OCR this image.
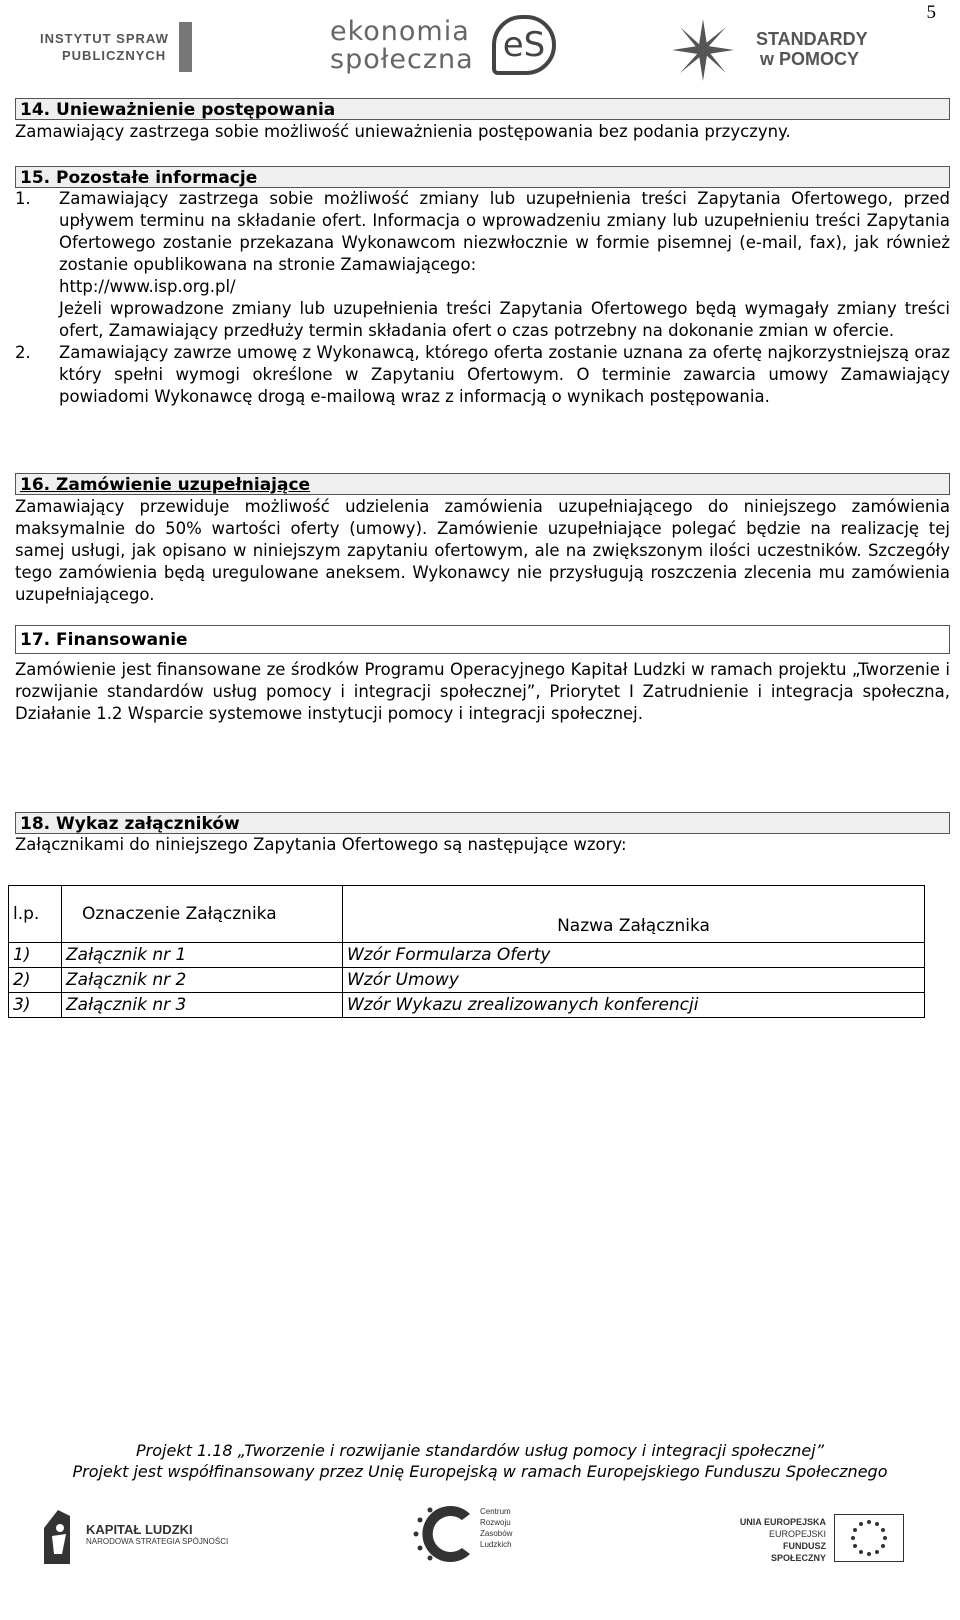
5
INSTYTUT SPRAW
PUBLICZNYCH
ekonomia
społeczna eS	STANDARDY
w POMOCY
14. Unieważnienie postępowania

Zamawiający zastrzega sobie możliwość unieważnienia postępowania bez podania przyczyny.

15. Pozostałe informacje
1. Zamawiający zastrzega sobie możliwość zmiany lub uzupełnienia treści Zapytania Ofertowego, przed upływem terminu na składanie ofert. Informacja o wprowadzeniu zmiany lub uzupełnieniu treści Zapytania Ofertowego zostanie przekazana Wykonawcom niezwłocznie w formie pisemnej (e-mail, fax), jak również zostanie opublikowana na stronie Zamawiającego:

http://www.isp.org.pl/

Jeżeli wprowadzone zmiany lub uzupełnienia treści Zapytania Ofertowego będą wymagały zmiany treści ofert, Zamawiający przedłuży termin składania ofert o czas potrzebny na dokonanie zmian w ofercie.

2. Zamawiający zawrze umowę z Wykonawcą, którego oferta zostanie uznana za ofertę najkorzystniejszą oraz który spełni wymogi określone w Zapytaniu Ofertowym. O terminie zawarcia umowy Zamawiający powiadomi Wykonawcę drogą e-mailową wraz z informacją o wynikach postępowania.

16. Zamówienie uzupełniające

Zamawiający przewiduje możliwość udzielenia zamówienia uzupełniającego do niniejszego zamówienia maksymalnie do 50% wartości oferty (umowy). Zamówienie uzupełniające polegać będzie na realizację tej samej usługi, jak opisano w niniejszym zapytaniu ofertowym, ale na zwiększonym ilości uczestników. Szczegóły tego zamówienia będą uregulowane aneksem. Wykonawcy nie przysługują roszczenia zlecenia mu zamówienia uzupełniającego.

17. Finansowanie

Zamówienie jest finansowane ze środków Programu Operacyjnego Kapitał Ludzki w ramach projektu „Tworzenie i rozwijanie standardów usług pomocy i integracji społecznej”, Priorytet I Zatrudnienie i integracja społeczna, Działanie 1.2 Wsparcie systemowe instytucji pomocy i integracji społecznej.

18. Wykaz załączników

Załącznikami do niniejszego Zapytania Ofertowego są następujące wzory:

l.p.	Oznaczenie Załącznika	Nazwa Załącznika
1)	Załącznik nr 1	Wzór Formularza Oferty
2)	Załącznik nr 2	Wzór Umowy
3)	Załącznik nr 3	Wzór Wykazu zrealizowanych konferencji
Projekt 1.18 „Tworzenie i rozwijanie standardów usług pomocy i integracji społecznej”
Projekt jest współfinansowany przez Unię Europejską w ramach Europejskiego Funduszu Społecznego
KAPITAŁ LUDZKI
NARODOWA STRATEGIA SPÓJNOŚCI
Centrum
Rozwoju
Zasobów
Ludzkich
UNIA EUROPEJSKA
EUROPEJSKI
FUNDUSZ SPOŁECZNY
